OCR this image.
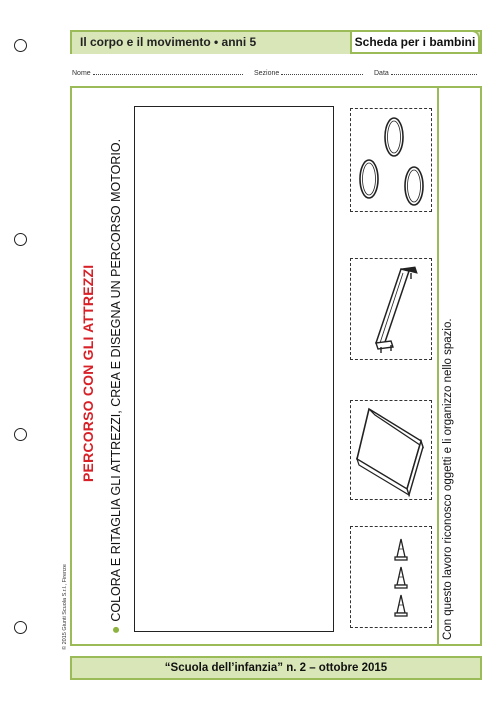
Il corpo e il movimento • anni 5	Scheda per i bambini
Nome	Sezione	Data
© 2015 Giunti Scuola S.r.l., Firenze
PERCORSO CON GLI ATTREZZI
● COLORA E RITAGLIA GLI ATTREZZI, CREA E DISEGNA UN PERCORSO MOTORIO.	Con questo lavoro riconosco oggetti e li organizzo nello spazio.
“Scuola dell’infanzia” n. 2 – ottobre 2015
